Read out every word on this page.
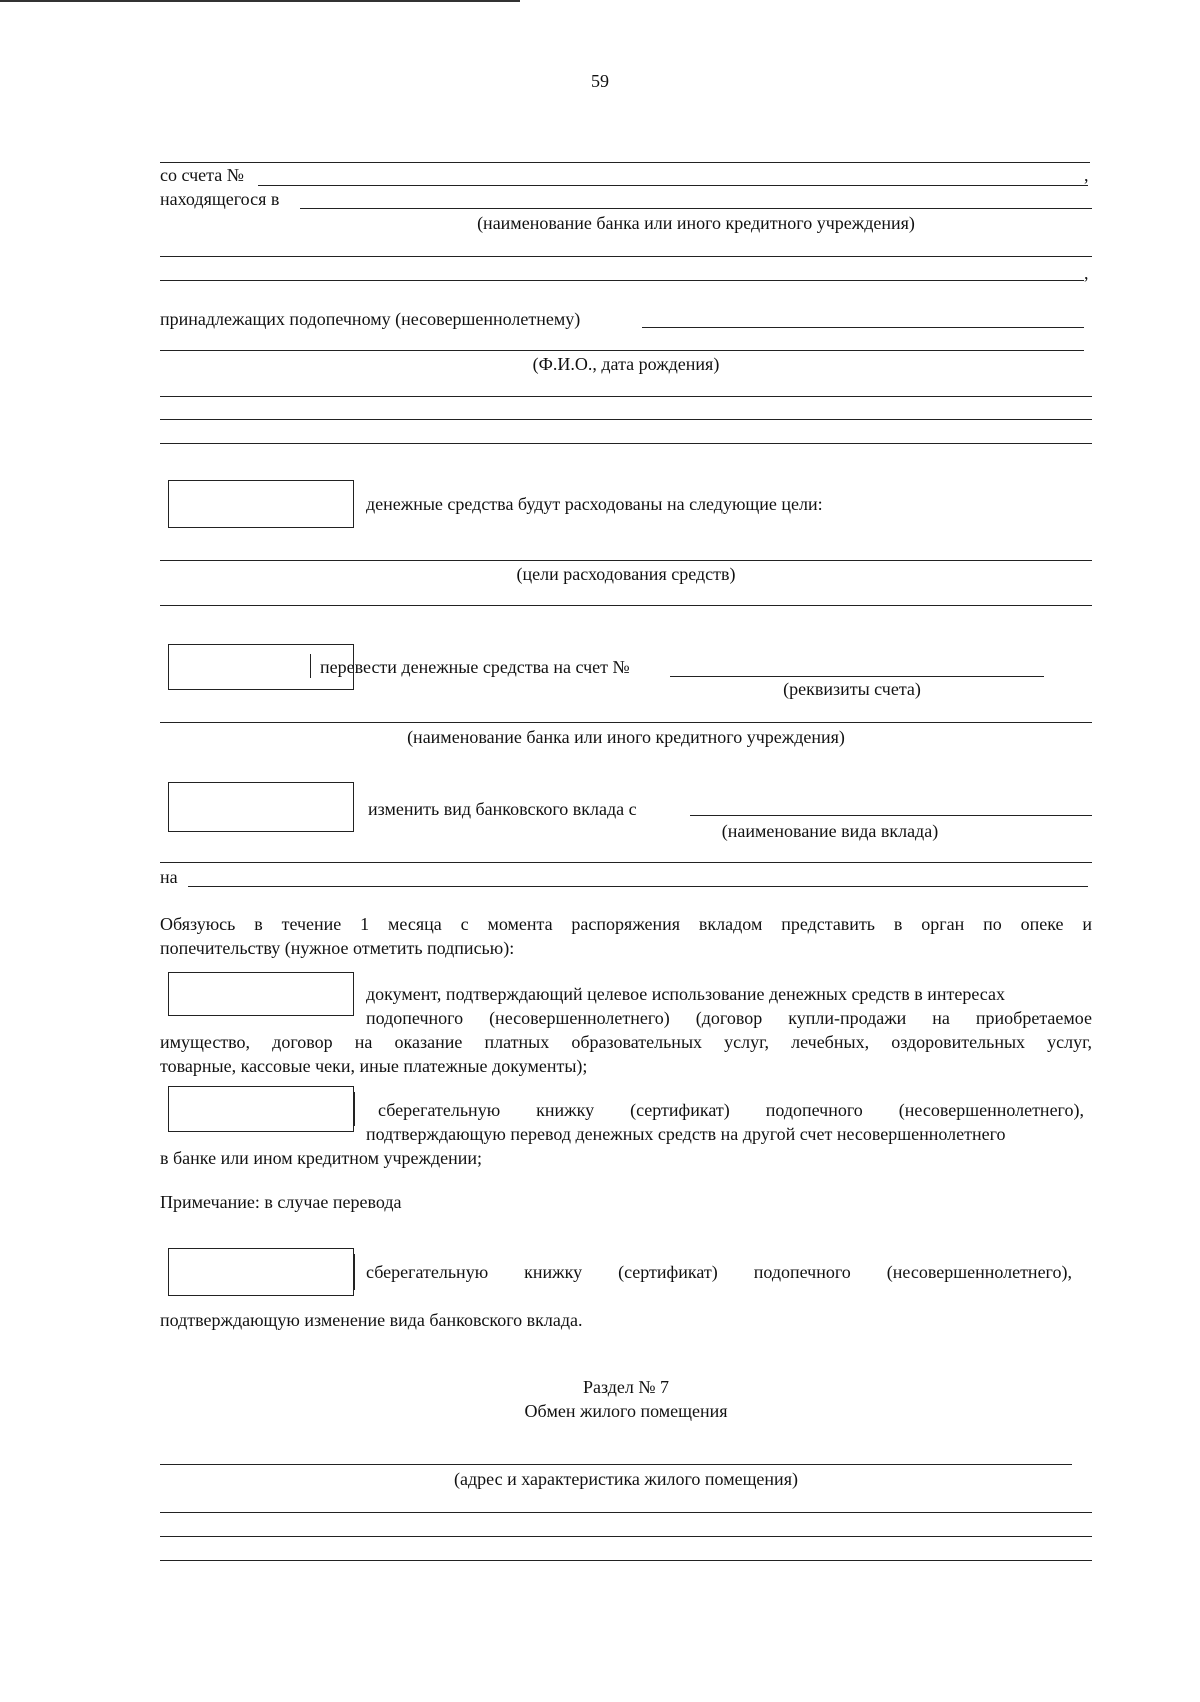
59
со счета №	,
находящегося в
(наименование банка или иного кредитного учреждения)
,
принадлежащих подопечному (несовершеннолетнему)
(Ф.И.О., дата рождения)
денежные средства будут расходованы на следующие цели:
(цели расходования средств)
перевести денежные средства на счет №
(реквизиты счета)
(наименование банка или иного кредитного учреждения)
изменить вид банковского вклада с
(наименование вида вклада)
на
Обязуюсь в течение 1 месяца с момента распоряжения вкладом представить в орган по опеке и
попечительству (нужное отметить подписью):
документ, подтверждающий целевое использование денежных средств в интересах
подопечного (несовершеннолетнего) (договор купли-продажи на приобретаемое
имущество, договор на оказание платных образовательных услуг, лечебных, оздоровительных услуг,
товарные, кассовые чеки, иные платежные документы);
сберегательную книжку (сертификат) подопечного (несовершеннолетнего),
подтверждающую перевод денежных средств на другой счет несовершеннолетнего
в банке или ином кредитном учреждении;
Примечание: в случае перевода
сберегательную книжку (сертификат) подопечного (несовершеннолетнего),
подтверждающую изменение вида банковского вклада.
Раздел № 7
Обмен жилого помещения
(адрес и характеристика жилого помещения)
